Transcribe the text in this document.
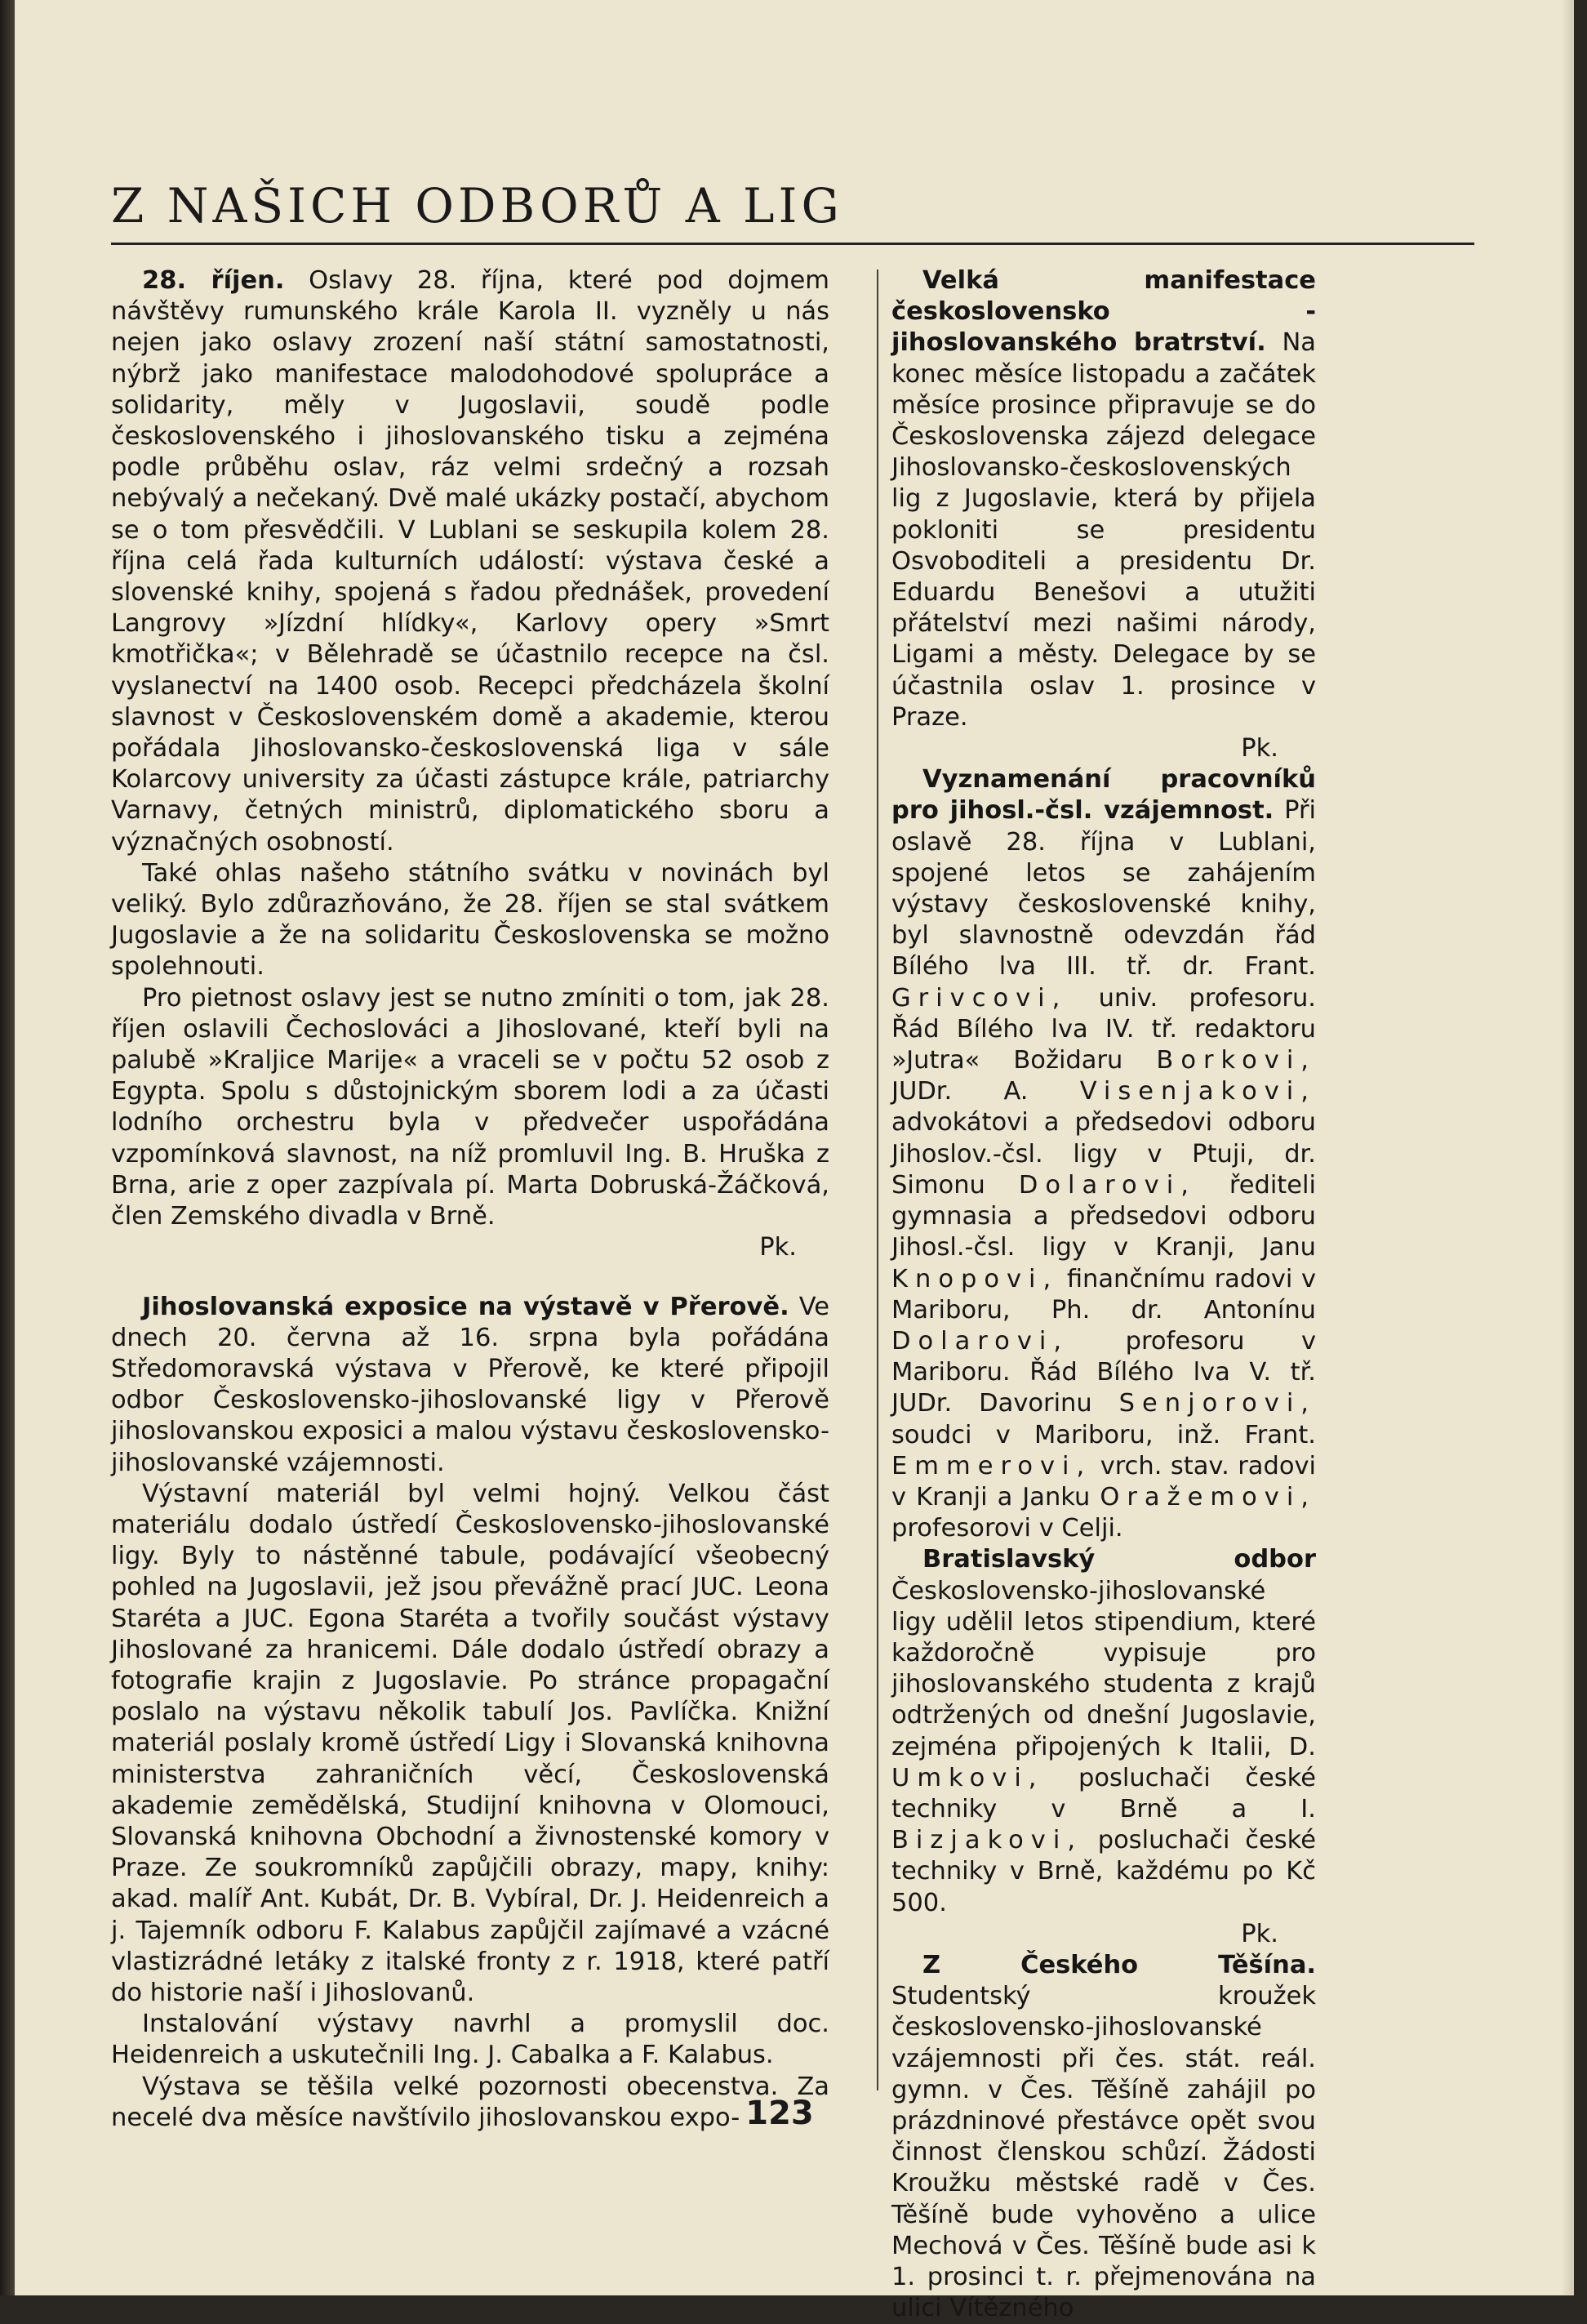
Z NAŠICH ODBORŮ A LIG

28. říjen. Oslavy 28. října, které pod dojmem návštěvy rumunského krále Karola II. vyzněly u nás nejen jako oslavy zrození naší státní samostatnosti, nýbrž jako manifestace malodohodové spolupráce a solidarity, měly v Jugoslavii, soudě podle československého i jihoslovanského tisku a zejména podle průběhu oslav, ráz velmi srdečný a rozsah nebývalý a nečekaný. Dvě malé ukázky postačí, abychom se o tom přesvědčili. V Lublani se seskupila kolem 28. října celá řada kulturních událostí: výstava české a slovenské knihy, spojená s řadou přednášek, provedení Langrovy »Jízdní hlídky«, Karlovy opery »Smrt kmotřička«; v Bělehradě se účastnilo recepce na čsl. vyslanectví na 1400 osob. Recepci předcházela školní slavnost v Československém domě a akademie, kterou pořádala Jihoslovansko-československá liga v sále Kolarcovy university za účasti zástupce krále, patriarchy Varnavy, četných ministrů, diplomatického sboru a význačných osobností.

Také ohlas našeho státního svátku v novinách byl veliký. Bylo zdůrazňováno, že 28. říjen se stal svátkem Jugoslavie a že na solidaritu Československa se možno spolehnouti.

Pro pietnost oslavy jest se nutno zmíniti o tom, jak 28. říjen oslavili Čechoslováci a Jihoslované, kteří byli na palubě »Kraljice Marije« a vraceli se v počtu 52 osob z Egypta. Spolu s důstojnickým sborem lodi a za účasti lodního orchestru byla v předvečer uspořádána vzpomínková slavnost, na níž promluvil Ing. B. Hruška z Brna, arie z oper zazpívala pí. Marta Dobruská-Žáčková, člen Zemského divadla v Brně.

Pk.

Jihoslovanská exposice na výstavě v Přerově. Ve dnech 20. června až 16. srpna byla pořádána Středomoravská výstava v Přerově, ke které připojil odbor Československo-jihoslovanské ligy v Přerově jihoslovanskou exposici a malou výstavu československo-jihoslovanské vzájemnosti.

Výstavní materiál byl velmi hojný. Velkou část materiálu dodalo ústředí Československo-jihoslovanské ligy. Byly to nástěnné tabule, podávající všeobecný pohled na Jugoslavii, jež jsou převážně prací JUC. Leona Staréta a JUC. Egona Staréta a tvořily součást výstavy Jihoslované za hranicemi. Dále dodalo ústředí obrazy a fotografie krajin z Jugoslavie. Po stránce propagační poslalo na výstavu několik tabulí Jos. Pavlíčka. Knižní materiál poslaly kromě ústředí Ligy i Slovanská knihovna ministerstva zahraničních věcí, Československá akademie zemědělská, Studijní knihovna v Olomouci, Slovanská knihovna Obchodní a živnostenské komory v Praze. Ze soukromníků zapůjčili obrazy, mapy, knihy: akad. malíř Ant. Kubát, Dr. B. Vybíral, Dr. J. Heidenreich a j. Tajemník odboru F. Kalabus zapůjčil zajímavé a vzácné vlastizrádné letáky z italské fronty z r. 1918, které patří do historie naší i Jihoslovanů.

Instalování výstavy navrhl a promyslil doc. Heidenreich a uskutečnili Ing. J. Cabalka a F. Kalabus.

Výstava se těšila velké pozornosti obecenstva. Za necelé dva měsíce navštívilo jihoslovanskou expo-

Velká manifestace československo - jihoslovanského bratrství. Na konec měsíce listopadu a začátek měsíce prosince připravuje se do Československa zájezd delegace Jihoslovansko-československých lig z Jugoslavie, která by přijela pokloniti se presidentu Osvoboditeli a presidentu Dr. Eduardu Benešovi a utužiti přátelství mezi našimi národy, Ligami a městy. Delegace by se účastnila oslav 1. prosince v Praze.

Pk.

Vyznamenání pracovníků pro jihosl.-čsl. vzájemnost. Při oslavě 28. října v Lublani, spojené letos se zahájením výstavy československé knihy, byl slavnostně odevzdán řád Bílého lva III. tř. dr. Frant. Grivcovi, univ. profesoru. Řád Bílého lva IV. tř. redaktoru »Jutra« Božidaru Borkovi, JUDr. A. Visenjakovi, advokátovi a předsedovi odboru Jihoslov.-čsl. ligy v Ptuji, dr. Simonu Dolarovi, řediteli gymnasia a předsedovi odboru Jihosl.-čsl. ligy v Kranji, Janu Knopovi, finančnímu radovi v Mariboru, Ph. dr. Antonínu Dolarovi, profesoru v Mariboru. Řád Bílého lva V. tř. JUDr. Davorinu Senjorovi, soudci v Mariboru, inž. Frant. Emmerovi, vrch. stav. radovi v Kranji a Janku Oražemovi, profesorovi v Celji.

Bratislavský odbor Československo-jihoslovanské ligy udělil letos stipendium, které každoročně vypisuje pro jihoslovanského studenta z krajů odtržených od dnešní Jugoslavie, zejména připojených k Italii, D. Umkovi, posluchači české techniky v Brně a I. Bizjakovi, posluchači české techniky v Brně, každému po Kč 500.

Pk.

Z Českého Těšína. Studentský kroužek československo-jihoslovanské vzájemnosti při čes. stát. reál. gymn. v Čes. Těšíně zahájil po prázdninové přestávce opět svou činnost členskou schůzí. Žádosti Kroužku městské radě v Čes. Těšíně bude vyhověno a ulice Mechová v Čes. Těšíně bude asi k 1. prosinci t. r. přejmenována na ulici Vítězného

123
